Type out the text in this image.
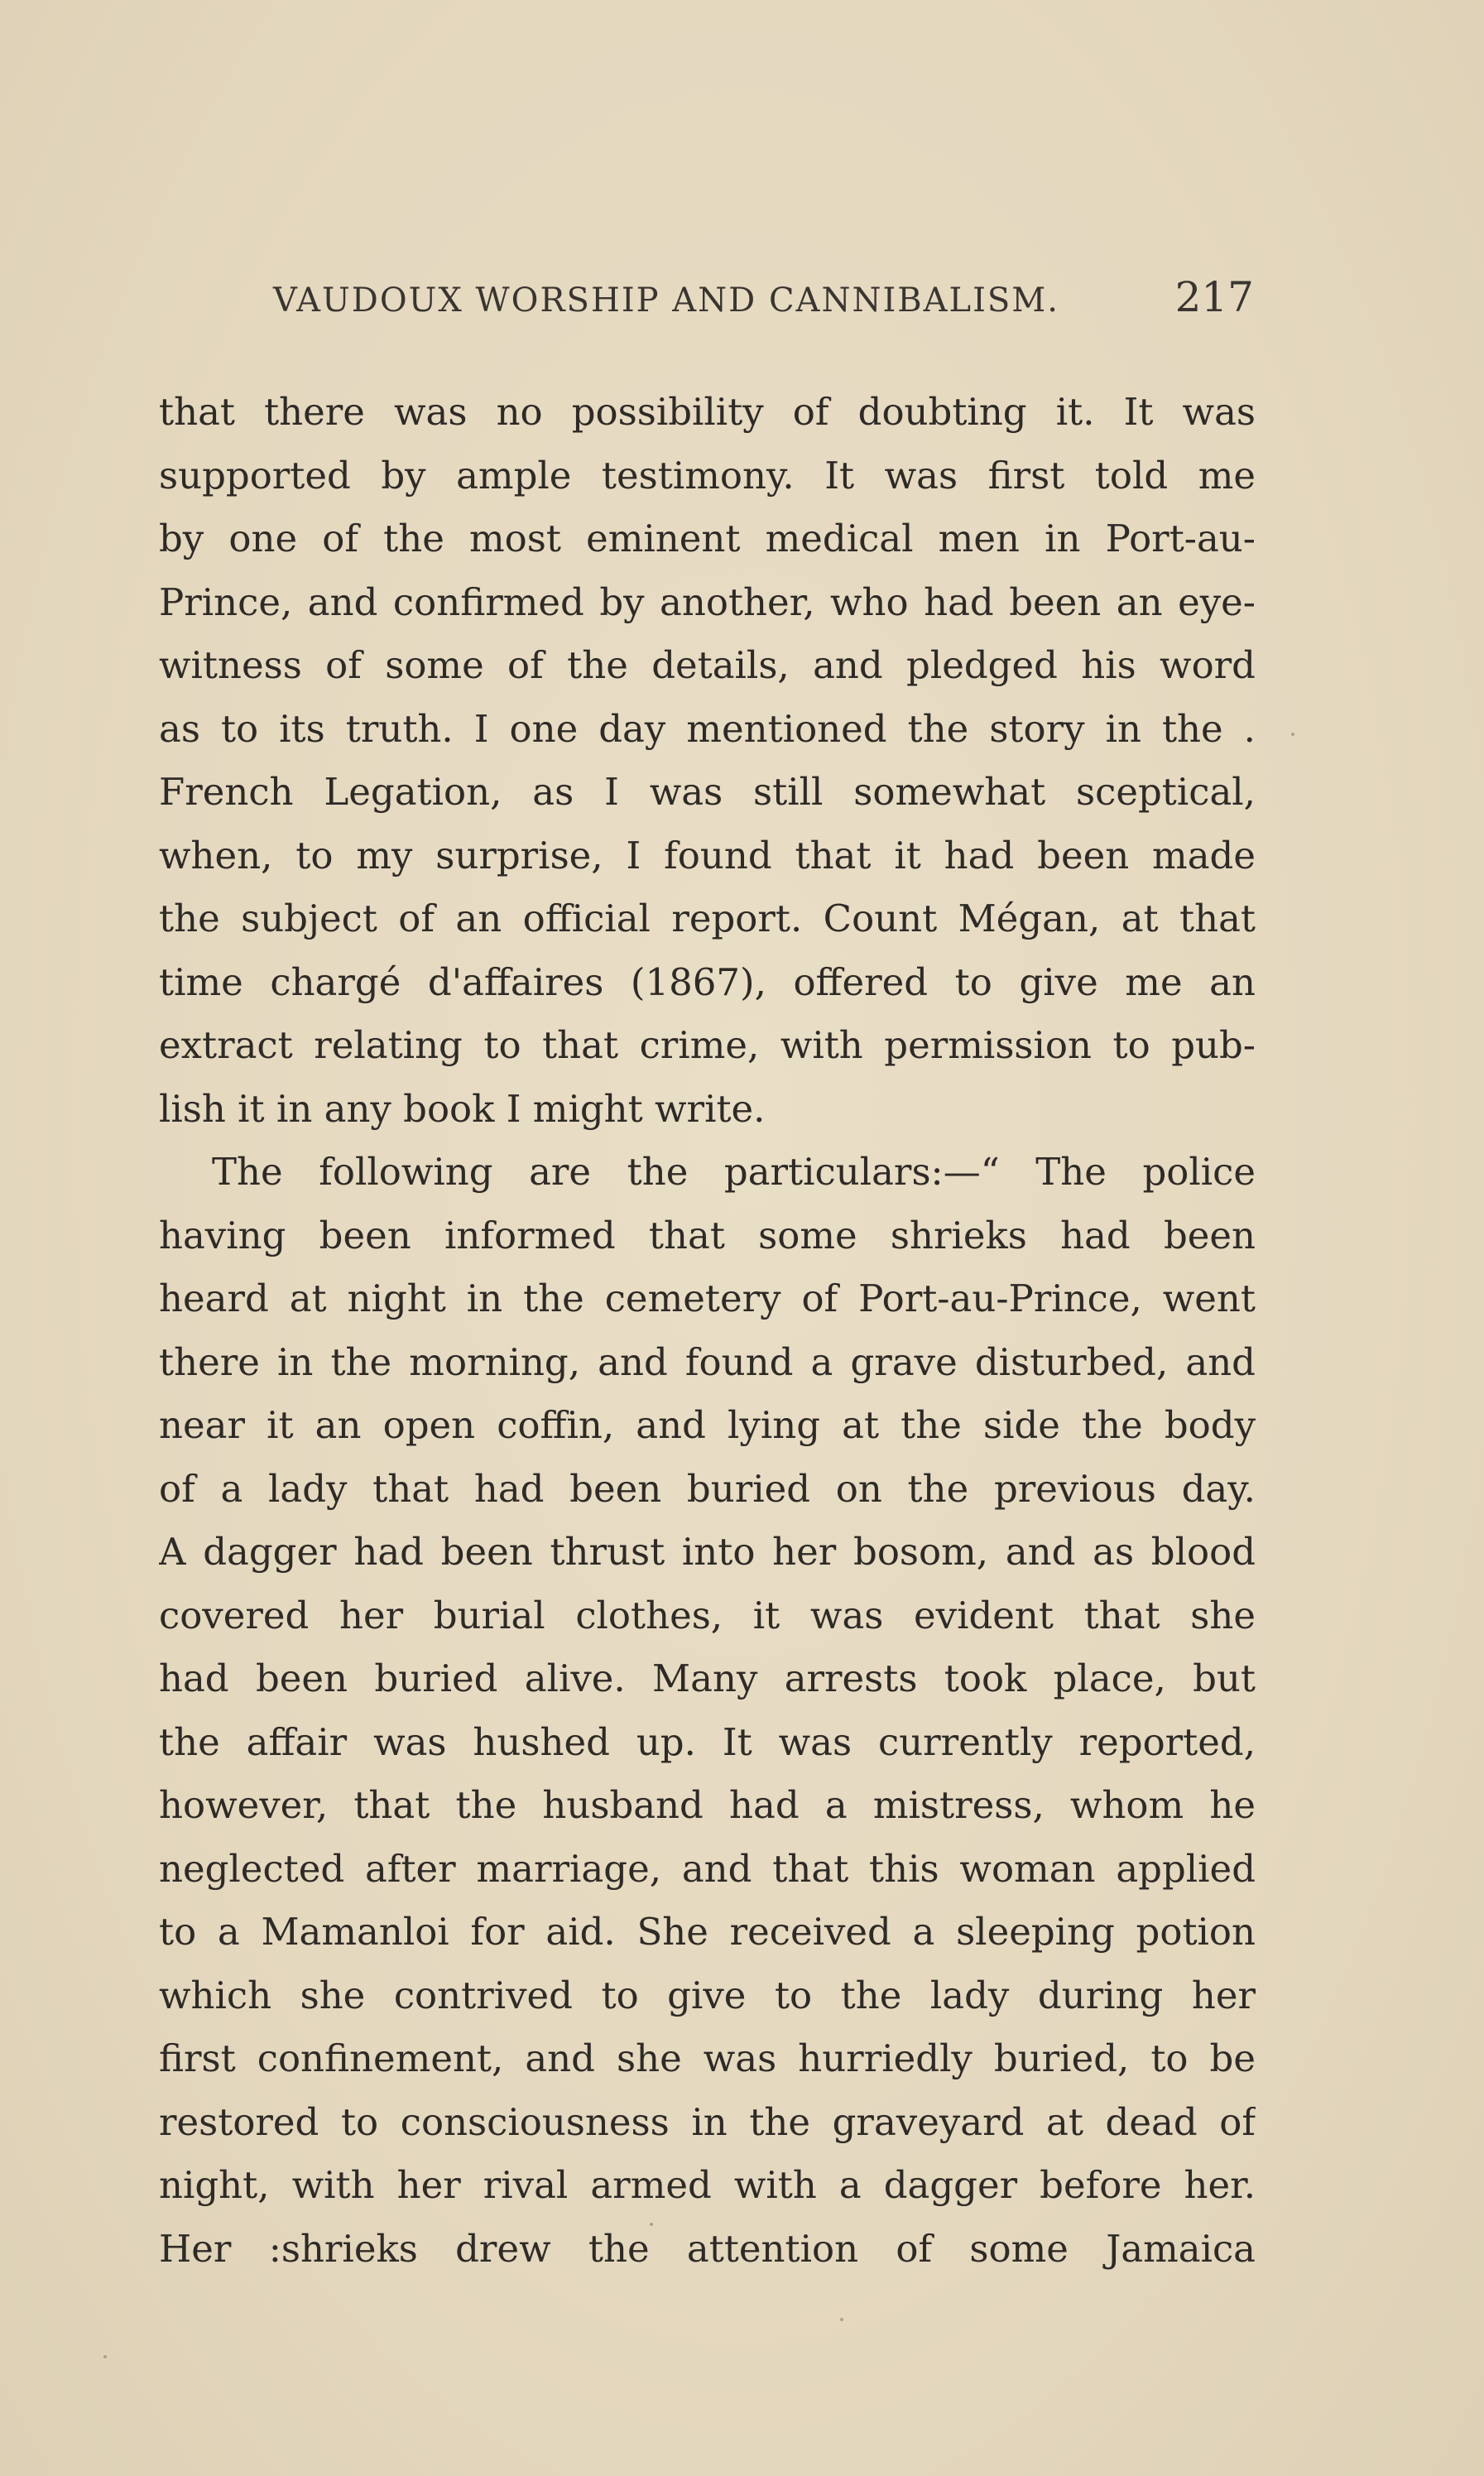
VAUDOUX WORSHIP AND CANNIBALISM.	217
that there was no possibility of doubting it. It was
supported by ample testimony. It was first told me
by one of the most eminent medical men in Port-au-
Prince, and confirmed by another, who had been an eye-
witness of some of the details, and pledged his word
as to its truth. I one day mentioned the story in the .
French Legation, as I was still somewhat sceptical,
when, to my surprise, I found that it had been made
the subject of an official report. Count Mégan, at that
time chargé d'affaires (1867), offered to give me an
extract relating to that crime, with permission to pub-
lish it in any book I might write.
The following are the particulars:—“ The police
having been informed that some shrieks had been
heard at night in the cemetery of Port-au-Prince, went
there in the morning, and found a grave disturbed, and
near it an open coffin, and lying at the side the body
of a lady that had been buried on the previous day.
A dagger had been thrust into her bosom, and as blood
covered her burial clothes, it was evident that she
had been buried alive. Many arrests took place, but
the affair was hushed up. It was currently reported,
however, that the husband had a mistress, whom he
neglected after marriage, and that this woman applied
to a Mamanloi for aid. She received a sleeping potion
which she contrived to give to the lady during her
first confinement, and she was hurriedly buried, to be
restored to consciousness in the graveyard at dead of
night, with her rival armed with a dagger before her.
Her :shrieks drew the attention of some Jamaica
